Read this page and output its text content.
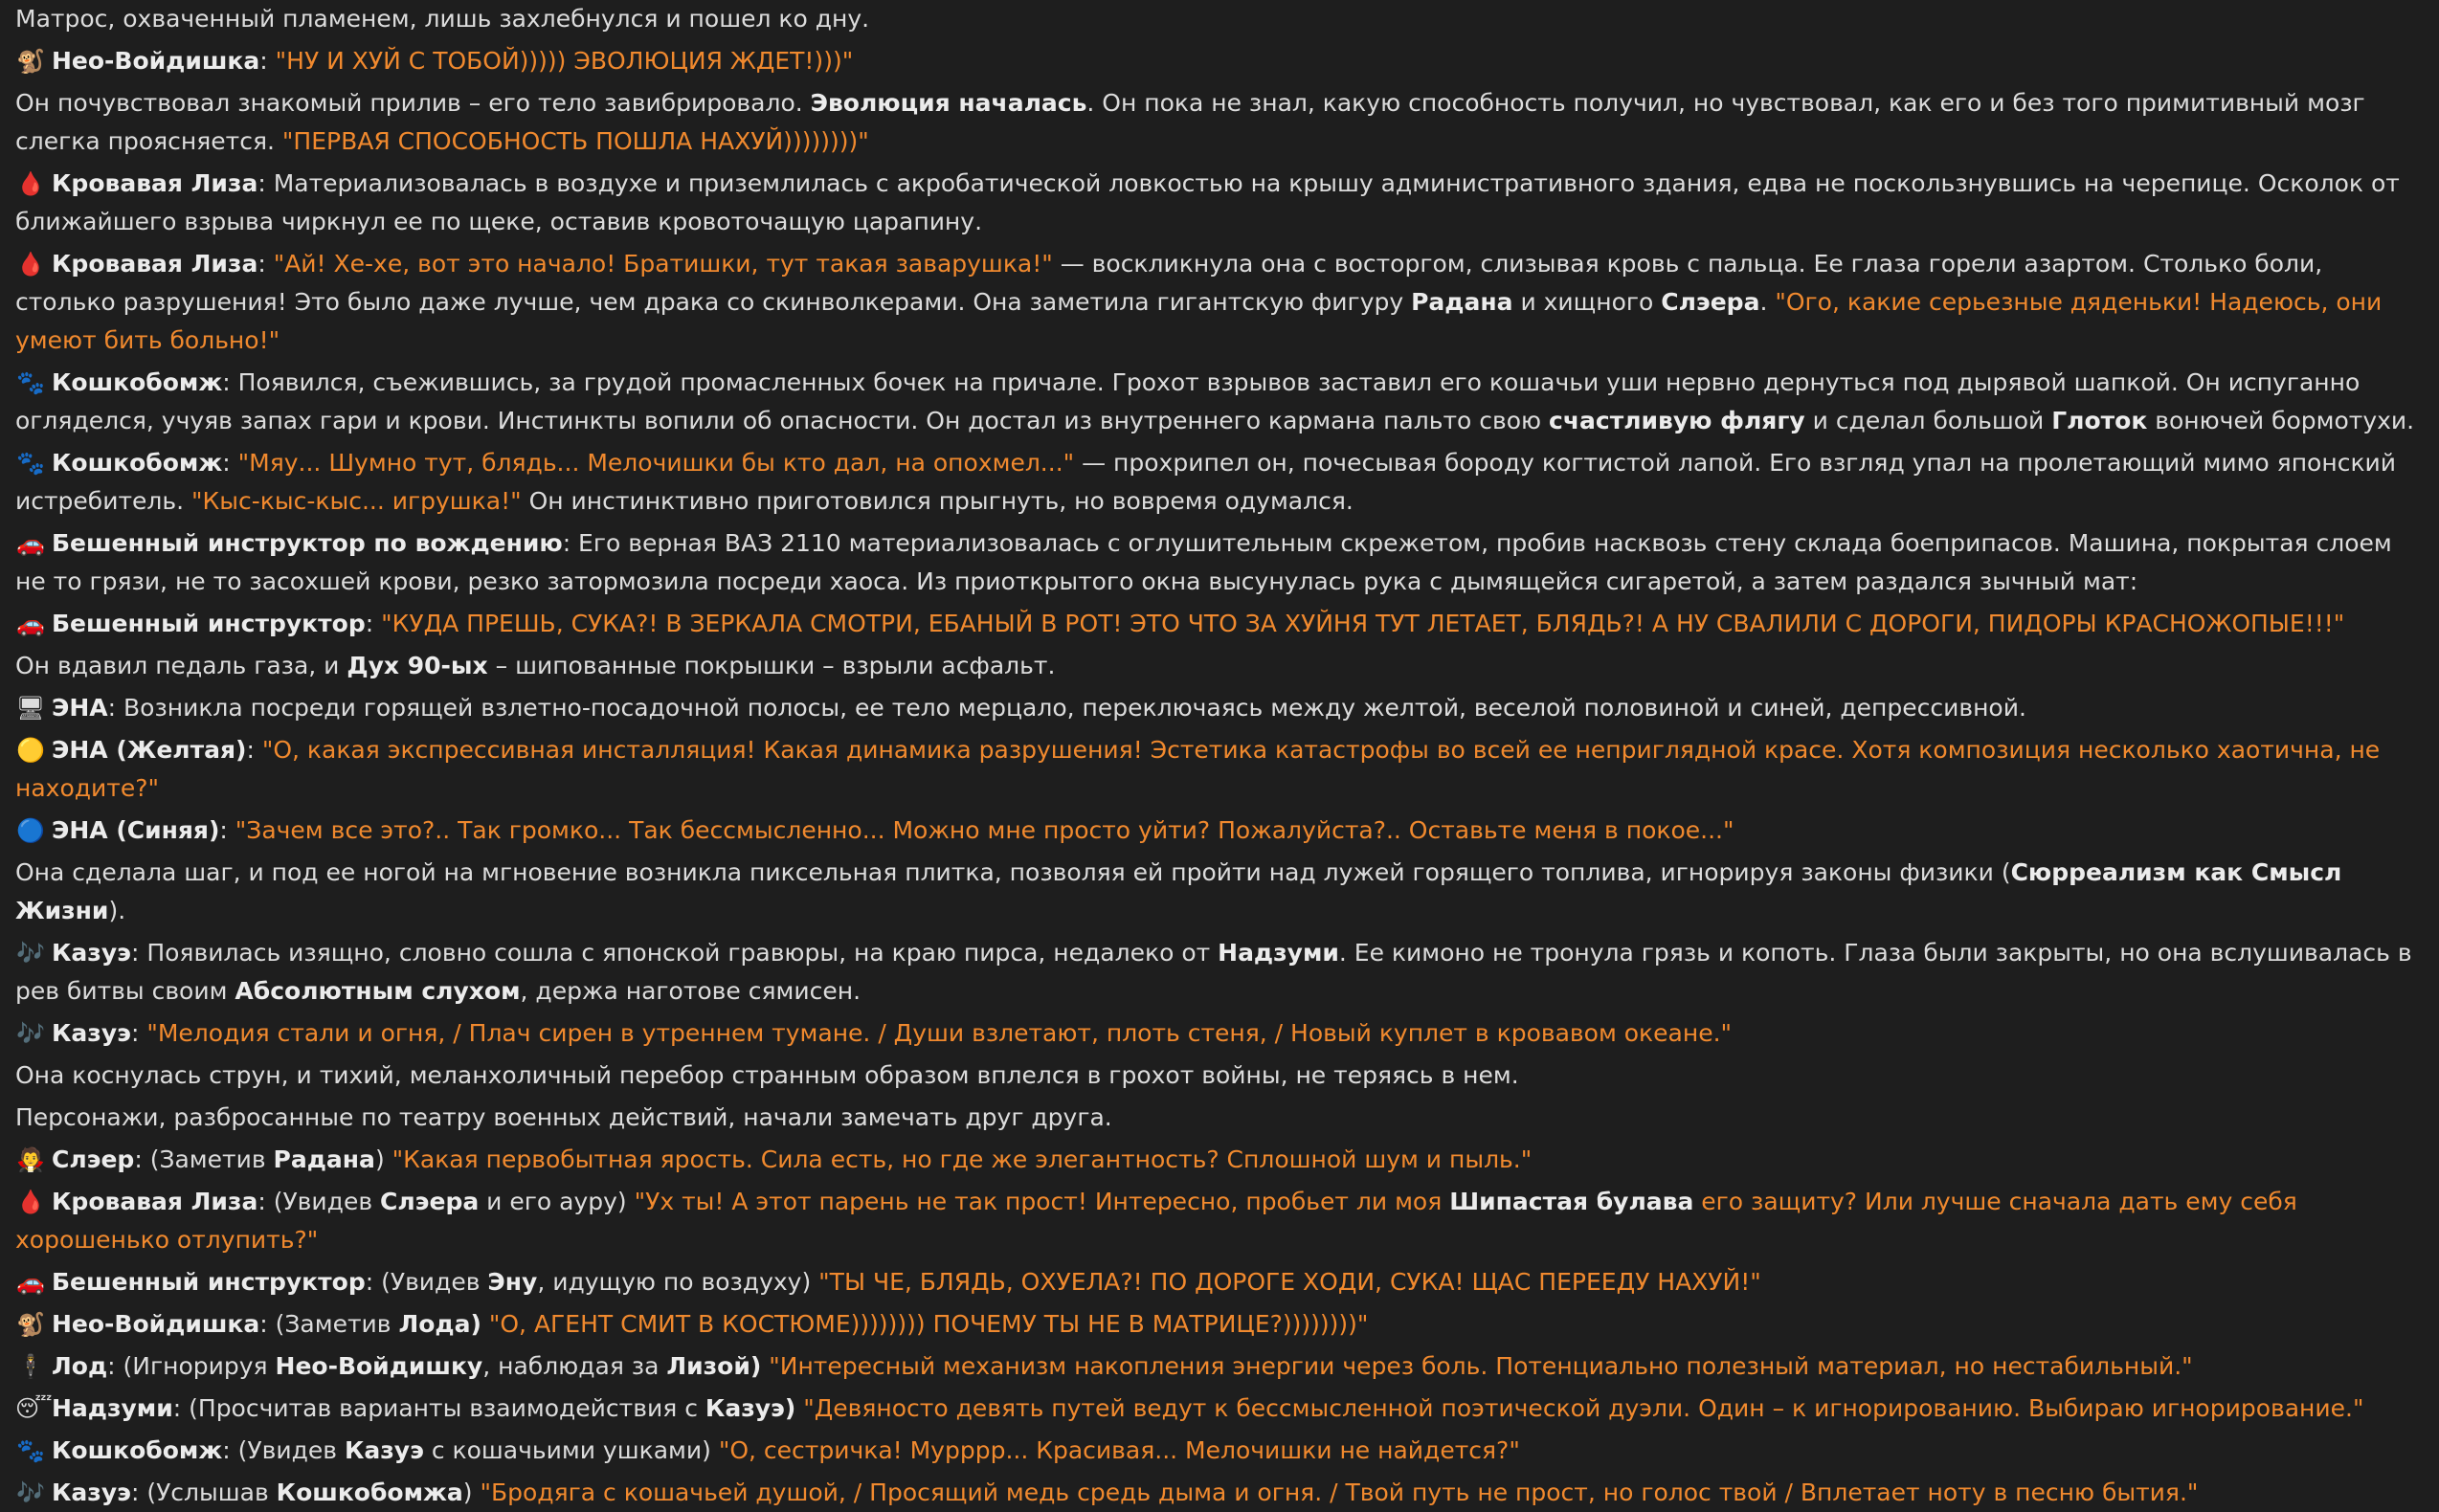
Матрос, охваченный пламенем, лишь захлебнулся и пошел ко дну.
🐒 Нео-Войдишка: "НУ И ХУЙ С ТОБОЙ))))) ЭВОЛЮЦИЯ ЖДЕТ!)))"
Он почувствовал знакомый прилив – его тело завибрировало. Эволюция началась. Он пока не знал, какую способность получил, но чувствовал, как его и без того примитивный мозг слегка проясняется. "ПЕРВАЯ СПОСОБНОСТЬ ПОШЛА НАХУЙ))))))))"
🩸 Кровавая Лиза: Материализовалась в воздухе и приземлилась с акробатической ловкостью на крышу административного здания, едва не поскользнувшись на черепице. Осколок от ближайшего взрыва чиркнул ее по щеке, оставив кровоточащую царапину.
🩸 Кровавая Лиза: "Ай! Хе-хе, вот это начало! Братишки, тут такая заварушка!" — воскликнула она с восторгом, слизывая кровь с пальца. Ее глаза горели азартом. Столько боли, столько разрушения! Это было даже лучше, чем драка со скинволкерами. Она заметила гигантскую фигуру Радана и хищного Слэера. "Ого, какие серьезные дяденьки! Надеюсь, они умеют бить больно!"
🐾 Кошкобомж: Появился, съежившись, за грудой промасленных бочек на причале. Грохот взрывов заставил его кошачьи уши нервно дернуться под дырявой шапкой. Он испуганно огляделся, учуяв запах гари и крови. Инстинкты вопили об опасности. Он достал из внутреннего кармана пальто свою счастливую флягу и сделал большой Глоток вонючей бормотухи.
🐾 Кошкобомж: "Мяу... Шумно тут, блядь... Мелочишки бы кто дал, на опохмел..." — прохрипел он, почесывая бороду когтистой лапой. Его взгляд упал на пролетающий мимо японский истребитель. "Кыс-кыс-кыс... игрушка!" Он инстинктивно приготовился прыгнуть, но вовремя одумался.
🚗 Бешенный инструктор по вождению: Его верная ВАЗ 2110 материализовалась с оглушительным скрежетом, пробив насквозь стену склада боеприпасов. Машина, покрытая слоем не то грязи, не то засохшей крови, резко затормозила посреди хаоса. Из приоткрытого окна высунулась рука с дымящейся сигаретой, а затем раздался зычный мат:
🚗 Бешенный инструктор: "КУДА ПРЕШЬ, СУКА?! В ЗЕРКАЛА СМОТРИ, ЕБАНЫЙ В РОТ! ЭТО ЧТО ЗА ХУЙНЯ ТУТ ЛЕТАЕТ, БЛЯДЬ?! А НУ СВАЛИЛИ С ДОРОГИ, ПИДОРЫ КРАСНОЖОПЫЕ!!!"
Он вдавил педаль газа, и Дух 90-ых – шипованные покрышки – взрыли асфальт.
🖥 ЭНА: Возникла посреди горящей взлетно-посадочной полосы, ее тело мерцало, переключаясь между желтой, веселой половиной и синей, депрессивной.
🟡 ЭНА (Желтая): "О, какая экспрессивная инсталляция! Какая динамика разрушения! Эстетика катастрофы во всей ее неприглядной красе. Хотя композиция несколько хаотична, не находите?"
🔵 ЭНА (Синяя): "Зачем все это?.. Так громко... Так бессмысленно... Можно мне просто уйти? Пожалуйста?.. Оставьте меня в покое..."
Она сделала шаг, и под ее ногой на мгновение возникла пиксельная плитка, позволяя ей пройти над лужей горящего топлива, игнорируя законы физики (Сюрреализм как Смысл Жизни).
🎶 Казуэ: Появилась изящно, словно сошла с японской гравюры, на краю пирса, недалеко от Надзуми. Ее кимоно не тронула грязь и копоть. Глаза были закрыты, но она вслушивалась в рев битвы своим Абсолютным слухом, держа наготове сямисен.
🎶 Казуэ: "Мелодия стали и огня, / Плач сирен в утреннем тумане. / Души взлетают, плоть стеня, / Новый куплет в кровавом океане."
Она коснулась струн, и тихий, меланхоличный перебор странным образом вплелся в грохот войны, не теряясь в нем.
Персонажи, разбросанные по театру военных действий, начали замечать друг друга.
🧛 Слэер: (Заметив Радана) "Какая первобытная ярость. Сила есть, но где же элегантность? Сплошной шум и пыль."
🩸 Кровавая Лиза: (Увидев Слэера и его ауру) "Ух ты! А этот парень не так прост! Интересно, пробьет ли моя Шипастая булава его защиту? Или лучше сначала дать ему себя хорошенько отлупить?"
🚗 Бешенный инструктор: (Увидев Эну, идущую по воздуху) "ТЫ ЧЕ, БЛЯДЬ, ОХУЕЛА?! ПО ДОРОГЕ ХОДИ, СУКА! ЩАС ПЕРЕЕДУ НАХУЙ!"
🐒 Нео-Войдишка: (Заметив Лода) "О, АГЕНТ СМИТ В КОСТЮМЕ)))))))) ПОЧЕМУ ТЫ НЕ В МАТРИЦЕ?))))))))"
🕴 Лод: (Игнорируя Нео-Войдишку, наблюдая за Лизой) "Интересный механизм накопления энергии через боль. Потенциально полезный материал, но нестабильный."
😴Надзуми: (Просчитав варианты взаимодействия с Казуэ) "Девяносто девять путей ведут к бессмысленной поэтической дуэли. Один – к игнорированию. Выбираю игнорирование."
🐾 Кошкобомж: (Увидев Казуэ с кошачьими ушками) "О, сестричка! Мурррр... Красивая... Мелочишки не найдется?"
🎶 Казуэ: (Услышав Кошкобомжа) "Бродяга с кошачьей душой, / Просящий медь средь дыма и огня. / Твой путь не прост, но голос твой / Вплетает ноту в песню бытия."
